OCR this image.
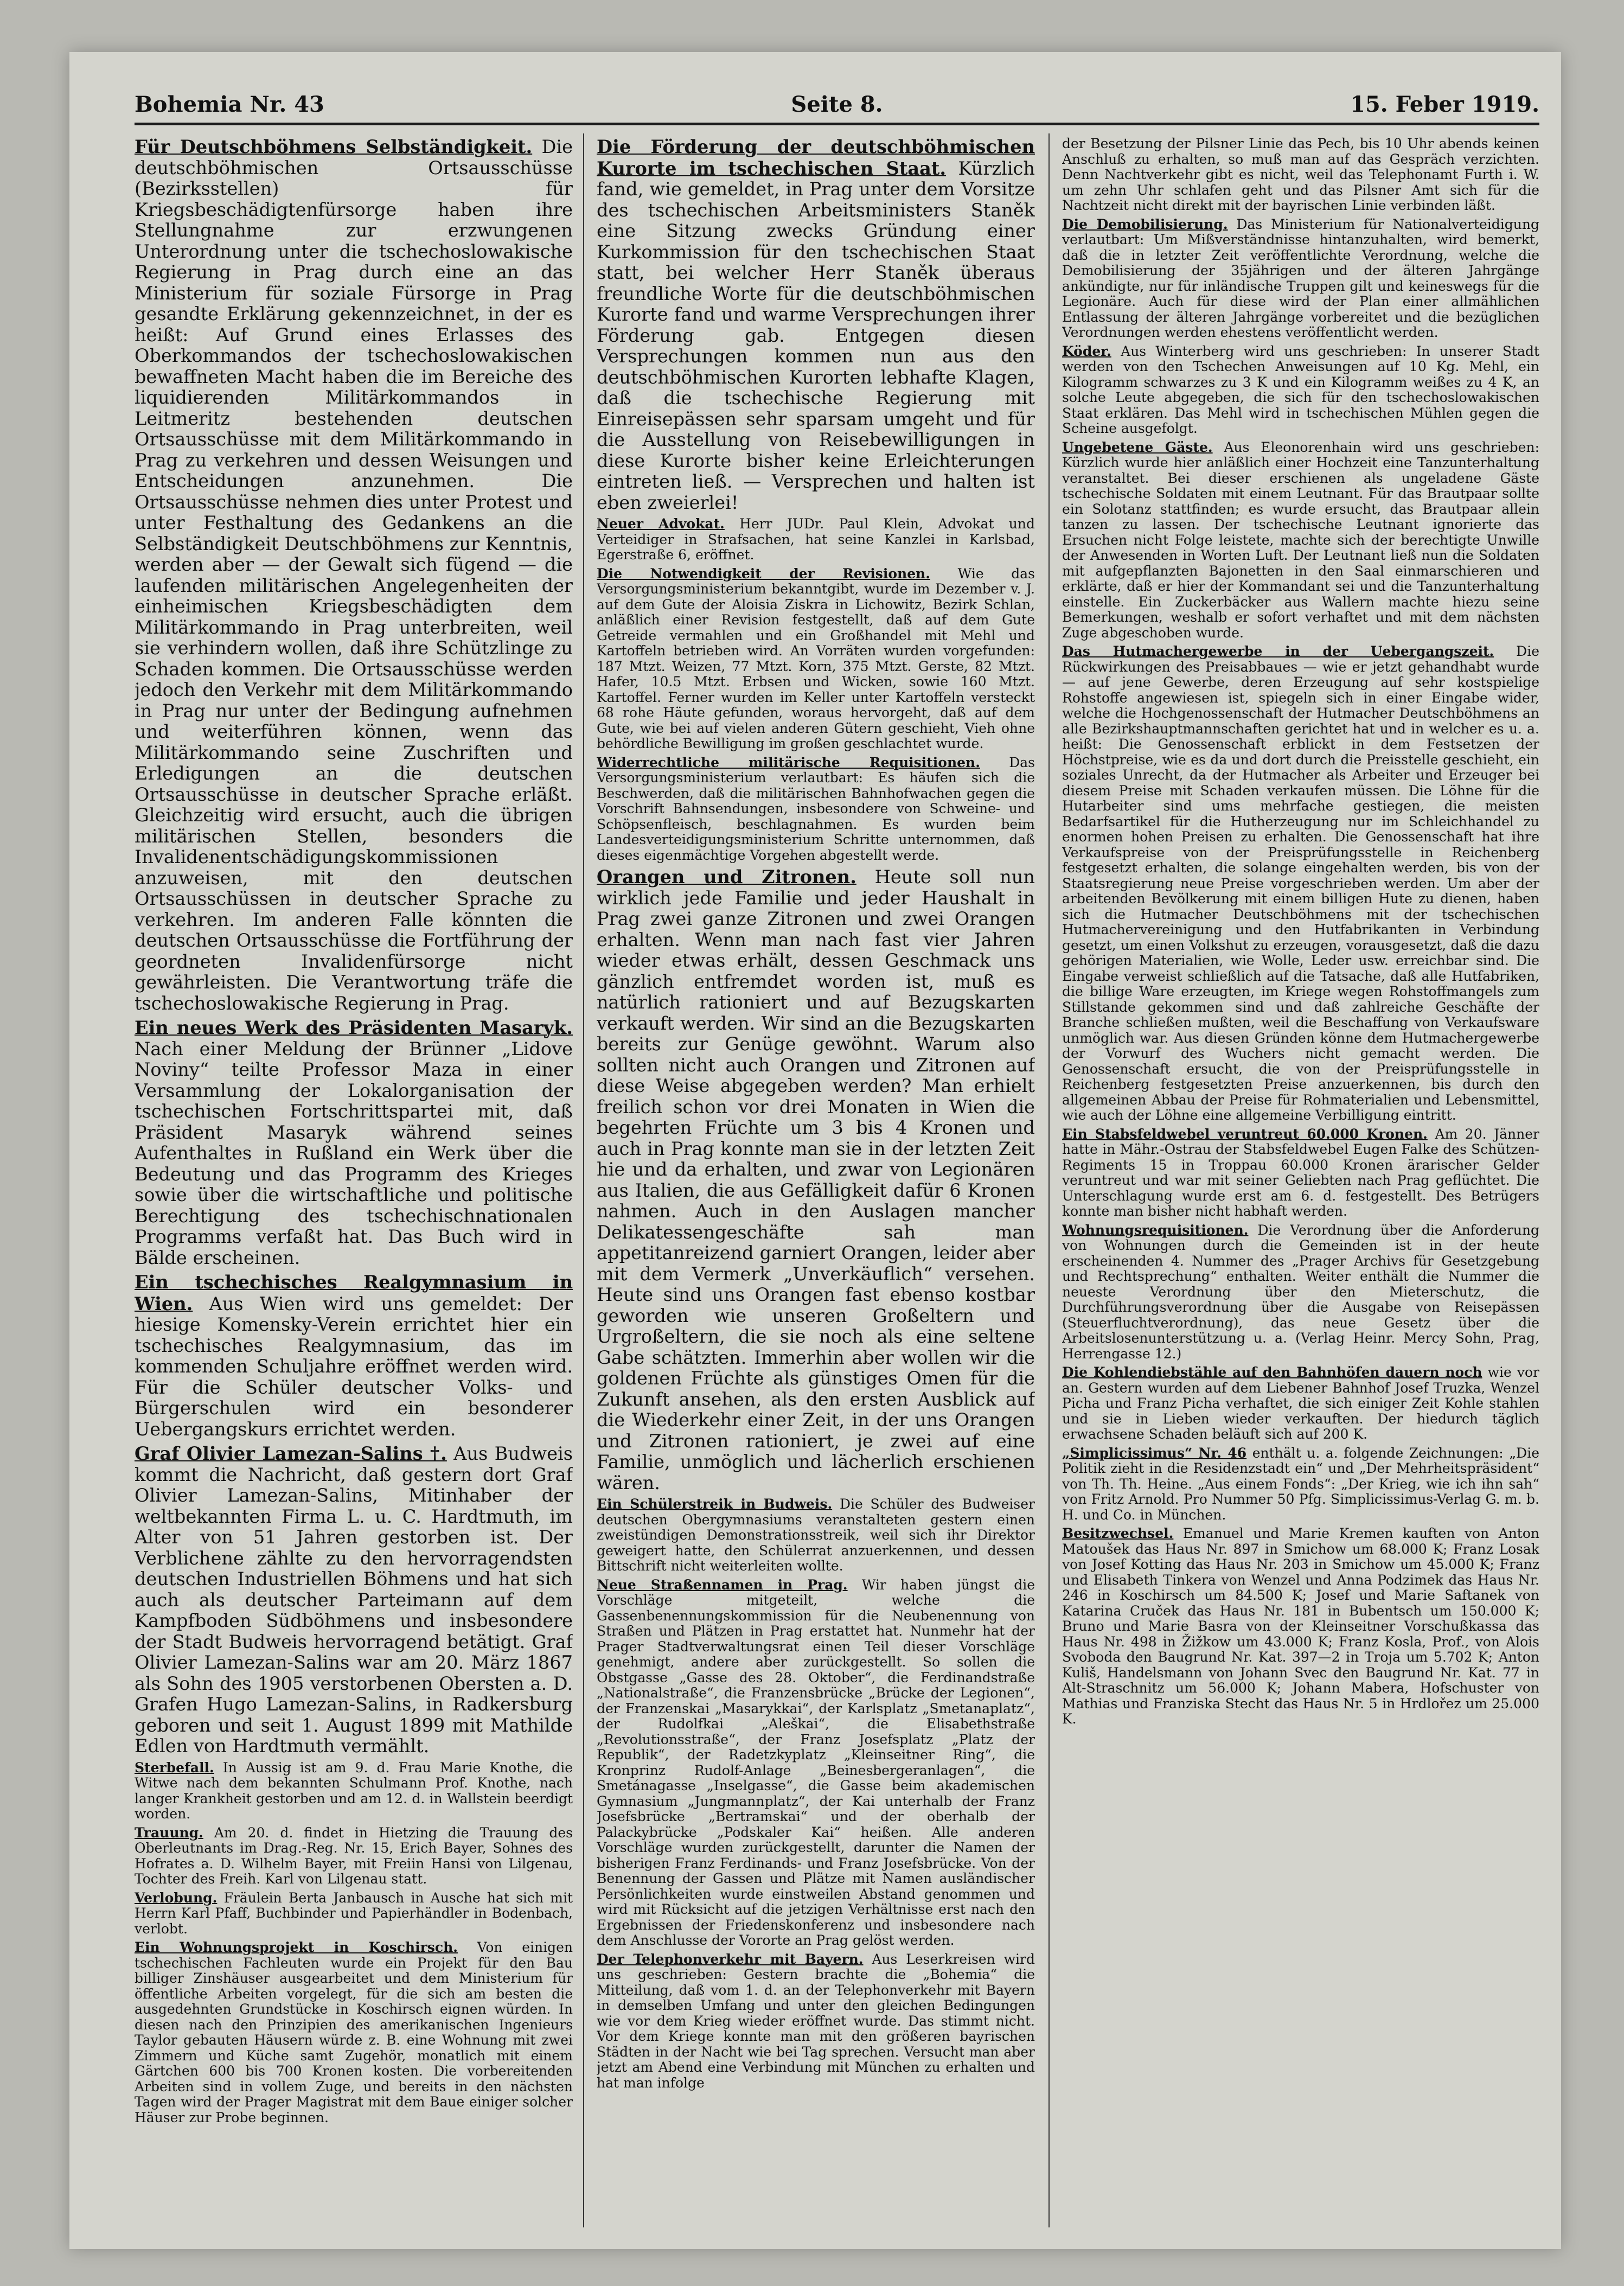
Bohemia Nr. 43	Seite 8.	15. Feber 1919.

Für Deutschböhmens Selbständigkeit. Die deutschböhmischen Ortsausschüsse (Bezirksstellen) für Kriegsbeschädigtenfürsorge haben ihre Stellungnahme zur erzwungenen Unterordnung unter die tschechoslowakische Regierung in Prag durch eine an das Ministerium für soziale Fürsorge in Prag gesandte Erklärung gekennzeichnet, in der es heißt: Auf Grund eines Erlasses des Oberkommandos der tschechoslowakischen bewaffneten Macht haben die im Bereiche des liquidierenden Militärkommandos in Leitmeritz bestehenden deutschen Ortsausschüsse mit dem Militärkommando in Prag zu verkehren und dessen Weisungen und Entscheidungen anzunehmen. Die Ortsausschüsse nehmen dies unter Protest und unter Festhaltung des Gedankens an die Selbständigkeit Deutschböhmens zur Kenntnis, werden aber — der Gewalt sich fügend — die laufenden militärischen Angelegenheiten der einheimischen Kriegsbeschädigten dem Militärkommando in Prag unterbreiten, weil sie verhindern wollen, daß ihre Schützlinge zu Schaden kommen. Die Ortsausschüsse werden jedoch den Verkehr mit dem Militärkommando in Prag nur unter der Bedingung aufnehmen und weiterführen können, wenn das Militärkommando seine Zuschriften und Erledigungen an die deutschen Ortsausschüsse in deutscher Sprache erläßt. Gleichzeitig wird ersucht, auch die übrigen militärischen Stellen, besonders die Invalidenentschädigungskommissionen anzuweisen, mit den deutschen Ortsausschüssen in deutscher Sprache zu verkehren. Im anderen Falle könnten die deutschen Ortsausschüsse die Fortführung der geordneten Invalidenfürsorge nicht gewährleisten. Die Verantwortung träfe die tschechoslowakische Regierung in Prag.

Ein neues Werk des Präsidenten Masaryk. Nach einer Meldung der Brünner „Lidove Noviny“ teilte Professor Maza in einer Versammlung der Lokalorganisation der tschechischen Fortschrittspartei mit, daß Präsident Masaryk während seines Aufenthaltes in Rußland ein Werk über die Bedeutung und das Programm des Krieges sowie über die wirtschaftliche und politische Berechtigung des tschechischnationalen Programms verfaßt hat. Das Buch wird in Bälde erscheinen.

Ein tschechisches Realgymnasium in Wien. Aus Wien wird uns gemeldet: Der hiesige Komensky-Verein errichtet hier ein tschechisches Realgymnasium, das im kommenden Schuljahre eröffnet werden wird. Für die Schüler deutscher Volks- und Bürgerschulen wird ein besonderer Uebergangskurs errichtet werden.

Graf Olivier Lamezan-Salins †. Aus Budweis kommt die Nachricht, daß gestern dort Graf Olivier Lamezan-Salins, Mitinhaber der weltbekannten Firma L. u. C. Hardtmuth, im Alter von 51 Jahren gestorben ist. Der Verblichene zählte zu den hervorragendsten deutschen Industriellen Böhmens und hat sich auch als deutscher Parteimann auf dem Kampfboden Südböhmens und insbesondere der Stadt Budweis hervorragend betätigt. Graf Olivier Lamezan-Salins war am 20. März 1867 als Sohn des 1905 verstorbenen Obersten a. D. Grafen Hugo Lamezan-Salins, in Radkersburg geboren und seit 1. August 1899 mit Mathilde Edlen von Hardtmuth vermählt.

Sterbefall. In Aussig ist am 9. d. Frau Marie Knothe, die Witwe nach dem bekannten Schulmann Prof. Knothe, nach langer Krankheit gestorben und am 12. d. in Wallstein beerdigt worden.

Trauung. Am 20. d. findet in Hietzing die Trauung des Oberleutnants im Drag.-Reg. Nr. 15, Erich Bayer, Sohnes des Hofrates a. D. Wilhelm Bayer, mit Freiin Hansi von Lilgenau, Tochter des Freih. Karl von Lilgenau statt.

Verlobung. Fräulein Berta Janbausch in Ausche hat sich mit Herrn Karl Pfaff, Buchbinder und Papierhändler in Bodenbach, verlobt.

Ein Wohnungsprojekt in Koschirsch. Von einigen tschechischen Fachleuten wurde ein Projekt für den Bau billiger Zinshäuser ausgearbeitet und dem Ministerium für öffentliche Arbeiten vorgelegt, für die sich am besten die ausgedehnten Grundstücke in Koschirsch eignen würden. In diesen nach den Prinzipien des amerikanischen Ingenieurs Taylor gebauten Häusern würde z. B. eine Wohnung mit zwei Zimmern und Küche samt Zugehör, monatlich mit einem Gärtchen 600 bis 700 Kronen kosten. Die vorbereitenden Arbeiten sind in vollem Zuge, und bereits in den nächsten Tagen wird der Prager Magistrat mit dem Baue einiger solcher Häuser zur Probe beginnen.

Die Förderung der deutschböhmischen Kurorte im tschechischen Staat. Kürzlich fand, wie gemeldet, in Prag unter dem Vorsitze des tschechischen Arbeitsministers Staněk eine Sitzung zwecks Gründung einer Kurkommission für den tschechischen Staat statt, bei welcher Herr Staněk überaus freundliche Worte für die deutschböhmischen Kurorte fand und warme Versprechungen ihrer Förderung gab. Entgegen diesen Versprechungen kommen nun aus den deutschböhmischen Kurorten lebhafte Klagen, daß die tschechische Regierung mit Einreisepässen sehr sparsam umgeht und für die Ausstellung von Reisebewilligungen in diese Kurorte bisher keine Erleichterungen eintreten ließ. — Versprechen und halten ist eben zweierlei!

Neuer Advokat. Herr JUDr. Paul Klein, Advokat und Verteidiger in Strafsachen, hat seine Kanzlei in Karlsbad, Egerstraße 6, eröffnet.

Die Notwendigkeit der Revisionen. Wie das Versorgungsministerium bekanntgibt, wurde im Dezember v. J. auf dem Gute der Aloisia Ziskra in Lichowitz, Bezirk Schlan, anläßlich einer Revision festgestellt, daß auf dem Gute Getreide vermahlen und ein Großhandel mit Mehl und Kartoffeln betrieben wird. An Vorräten wurden vorgefunden: 187 Mtzt. Weizen, 77 Mtzt. Korn, 375 Mtzt. Gerste, 82 Mtzt. Hafer, 10.5 Mtzt. Erbsen und Wicken, sowie 160 Mtzt. Kartoffel. Ferner wurden im Keller unter Kartoffeln versteckt 68 rohe Häute gefunden, woraus hervorgeht, daß auf dem Gute, wie bei auf vielen anderen Gütern geschieht, Vieh ohne behördliche Bewilligung im großen geschlachtet wurde.

Widerrechtliche militärische Requisitionen. Das Versorgungsministerium verlautbart: Es häufen sich die Beschwerden, daß die militärischen Bahnhofwachen gegen die Vorschrift Bahnsendungen, insbesondere von Schweine- und Schöpsenfleisch, beschlagnahmen. Es wurden beim Landesverteidigungsministerium Schritte unternommen, daß dieses eigenmächtige Vorgehen abgestellt werde.

Orangen und Zitronen. Heute soll nun wirklich jede Familie und jeder Haushalt in Prag zwei ganze Zitronen und zwei Orangen erhalten. Wenn man nach fast vier Jahren wieder etwas erhält, dessen Geschmack uns gänzlich entfremdet worden ist, muß es natürlich rationiert und auf Bezugskarten verkauft werden. Wir sind an die Bezugskarten bereits zur Genüge gewöhnt. Warum also sollten nicht auch Orangen und Zitronen auf diese Weise abgegeben werden? Man erhielt freilich schon vor drei Monaten in Wien die begehrten Früchte um 3 bis 4 Kronen und auch in Prag konnte man sie in der letzten Zeit hie und da erhalten, und zwar von Legionären aus Italien, die aus Gefälligkeit dafür 6 Kronen nahmen. Auch in den Auslagen mancher Delikatessengeschäfte sah man appetitanreizend garniert Orangen, leider aber mit dem Vermerk „Unverkäuflich“ versehen. Heute sind uns Orangen fast ebenso kostbar geworden wie unseren Großeltern und Urgroßeltern, die sie noch als eine seltene Gabe schätzten. Immerhin aber wollen wir die goldenen Früchte als günstiges Omen für die Zukunft ansehen, als den ersten Ausblick auf die Wiederkehr einer Zeit, in der uns Orangen und Zitronen rationiert, je zwei auf eine Familie, unmöglich und lächerlich erschienen wären.

Ein Schülerstreik in Budweis. Die Schüler des Budweiser deutschen Obergymnasiums veranstalteten gestern einen zweistündigen Demonstrationsstreik, weil sich ihr Direktor geweigert hatte, den Schülerrat anzuerkennen, und dessen Bittschrift nicht weiterleiten wollte.

Neue Straßennamen in Prag. Wir haben jüngst die Vorschläge mitgeteilt, welche die Gassenbenennungskommission für die Neubenennung von Straßen und Plätzen in Prag erstattet hat. Nunmehr hat der Prager Stadtverwaltungsrat einen Teil dieser Vorschläge genehmigt, andere aber zurückgestellt. So sollen die Obstgasse „Gasse des 28. Oktober“, die Ferdinandstraße „Nationalstraße“, die Franzensbrücke „Brücke der Legionen“, der Franzenskai „Masarykkai“, der Karlsplatz „Smetanaplatz“, der Rudolfkai „Aleškai“, die Elisabethstraße „Revolutionsstraße“, der Franz Josefsplatz „Platz der Republik“, der Radetzkyplatz „Kleinseitner Ring“, die Kronprinz Rudolf-Anlage „Beinesbergeranlagen“, die Smetánagasse „Inselgasse“, die Gasse beim akademischen Gymnasium „Jungmannplatz“, der Kai unterhalb der Franz Josefsbrücke „Bertramskai“ und der oberhalb der Palackybrücke „Podskaler Kai“ heißen. Alle anderen Vorschläge wurden zurückgestellt, darunter die Namen der bisherigen Franz Ferdinands- und Franz Josefsbrücke. Von der Benennung der Gassen und Plätze mit Namen ausländischer Persönlichkeiten wurde einstweilen Abstand genommen und wird mit Rücksicht auf die jetzigen Verhältnisse erst nach den Ergebnissen der Friedenskonferenz und insbesondere nach dem Anschlusse der Vororte an Prag gelöst werden.

Der Telephonverkehr mit Bayern. Aus Leserkreisen wird uns geschrieben: Gestern brachte die „Bohemia“ die Mitteilung, daß vom 1. d. an der Telephonverkehr mit Bayern in demselben Umfang und unter den gleichen Bedingungen wie vor dem Krieg wieder eröffnet wurde. Das stimmt nicht. Vor dem Kriege konnte man mit den größeren bayrischen Städten in der Nacht wie bei Tag sprechen. Versucht man aber jetzt am Abend eine Verbindung mit München zu erhalten und hat man infolge

der Besetzung der Pilsner Linie das Pech, bis 10 Uhr abends keinen Anschluß zu erhalten, so muß man auf das Gespräch verzichten. Denn Nachtverkehr gibt es nicht, weil das Telephonamt Furth i. W. um zehn Uhr schlafen geht und das Pilsner Amt sich für die Nachtzeit nicht direkt mit der bayrischen Linie verbinden läßt.

Die Demobilisierung. Das Ministerium für Nationalverteidigung verlautbart: Um Mißverständnisse hintanzuhalten, wird bemerkt, daß die in letzter Zeit veröffentlichte Verordnung, welche die Demobilisierung der 35jährigen und der älteren Jahrgänge ankündigte, nur für inländische Truppen gilt und keineswegs für die Legionäre. Auch für diese wird der Plan einer allmählichen Entlassung der älteren Jahrgänge vorbereitet und die bezüglichen Verordnungen werden ehestens veröffentlicht werden.

Köder. Aus Winterberg wird uns geschrieben: In unserer Stadt werden von den Tschechen Anweisungen auf 10 Kg. Mehl, ein Kilogramm schwarzes zu 3 K und ein Kilogramm weißes zu 4 K, an solche Leute abgegeben, die sich für den tschechoslowakischen Staat erklären. Das Mehl wird in tschechischen Mühlen gegen die Scheine ausgefolgt.

Ungebetene Gäste. Aus Eleonorenhain wird uns geschrieben: Kürzlich wurde hier anläßlich einer Hochzeit eine Tanzunterhaltung veranstaltet. Bei dieser erschienen als ungeladene Gäste tschechische Soldaten mit einem Leutnant. Für das Brautpaar sollte ein Solotanz stattfinden; es wurde ersucht, das Brautpaar allein tanzen zu lassen. Der tschechische Leutnant ignorierte das Ersuchen nicht Folge leistete, machte sich der berechtigte Unwille der Anwesenden in Worten Luft. Der Leutnant ließ nun die Soldaten mit aufgepflanzten Bajonetten in den Saal einmarschieren und erklärte, daß er hier der Kommandant sei und die Tanzunterhaltung einstelle. Ein Zuckerbäcker aus Wallern machte hiezu seine Bemerkungen, weshalb er sofort verhaftet und mit dem nächsten Zuge abgeschoben wurde.

Das Hutmachergewerbe in der Uebergangszeit. Die Rückwirkungen des Preisabbaues — wie er jetzt gehandhabt wurde — auf jene Gewerbe, deren Erzeugung auf sehr kostspielige Rohstoffe angewiesen ist, spiegeln sich in einer Eingabe wider, welche die Hochgenossenschaft der Hutmacher Deutschböhmens an alle Bezirkshauptmannschaften gerichtet hat und in welcher es u. a. heißt: Die Genossenschaft erblickt in dem Festsetzen der Höchstpreise, wie es da und dort durch die Preisstelle geschieht, ein soziales Unrecht, da der Hutmacher als Arbeiter und Erzeuger bei diesem Preise mit Schaden verkaufen müssen. Die Löhne für die Hutarbeiter sind ums mehrfache gestiegen, die meisten Bedarfsartikel für die Hutherzeugung nur im Schleichhandel zu enormen hohen Preisen zu erhalten. Die Genossenschaft hat ihre Verkaufspreise von der Preisprüfungsstelle in Reichenberg festgesetzt erhalten, die solange eingehalten werden, bis von der Staatsregierung neue Preise vorgeschrieben werden. Um aber der arbeitenden Bevölkerung mit einem billigen Hute zu dienen, haben sich die Hutmacher Deutschböhmens mit der tschechischen Hutmachervereinigung und den Hutfabrikanten in Verbindung gesetzt, um einen Volkshut zu erzeugen, vorausgesetzt, daß die dazu gehörigen Materialien, wie Wolle, Leder usw. erreichbar sind. Die Eingabe verweist schließlich auf die Tatsache, daß alle Hutfabriken, die billige Ware erzeugten, im Kriege wegen Rohstoffmangels zum Stillstande gekommen sind und daß zahlreiche Geschäfte der Branche schließen mußten, weil die Beschaffung von Verkaufsware unmöglich war. Aus diesen Gründen könne dem Hutmachergewerbe der Vorwurf des Wuchers nicht gemacht werden. Die Genossenschaft ersucht, die von der Preisprüfungsstelle in Reichenberg festgesetzten Preise anzuerkennen, bis durch den allgemeinen Abbau der Preise für Rohmaterialien und Lebensmittel, wie auch der Löhne eine allgemeine Verbilligung eintritt.

Ein Stabsfeldwebel veruntreut 60.000 Kronen. Am 20. Jänner hatte in Mähr.-Ostrau der Stabsfeldwebel Eugen Falke des Schützen-Regiments 15 in Troppau 60.000 Kronen ärarischer Gelder veruntreut und war mit seiner Geliebten nach Prag geflüchtet. Die Unterschlagung wurde erst am 6. d. festgestellt. Des Betrügers konnte man bisher nicht habhaft werden.

Wohnungsrequisitionen. Die Verordnung über die Anforderung von Wohnungen durch die Gemeinden ist in der heute erscheinenden 4. Nummer des „Prager Archivs für Gesetzgebung und Rechtsprechung“ enthalten. Weiter enthält die Nummer die neueste Verordnung über den Mieterschutz, die Durchführungsverordnung über die Ausgabe von Reisepässen (Steuerfluchtverordnung), das neue Gesetz über die Arbeitslosenunterstützung u. a. (Verlag Heinr. Mercy Sohn, Prag, Herrengasse 12.)

Die Kohlendiebstähle auf den Bahnhöfen dauern noch wie vor an. Gestern wurden auf dem Liebener Bahnhof Josef Truzka, Wenzel Picha und Franz Picha verhaftet, die sich einiger Zeit Kohle stahlen und sie in Lieben wieder verkauften. Der hiedurch täglich erwachsene Schaden beläuft sich auf 200 K.

„Simplicissimus“ Nr. 46 enthält u. a. folgende Zeichnungen: „Die Politik zieht in die Residenzstadt ein“ und „Der Mehrheitspräsident“ von Th. Th. Heine. „Aus einem Fonds“: „Der Krieg, wie ich ihn sah“ von Fritz Arnold. Pro Nummer 50 Pfg. Simplicissimus-Verlag G. m. b. H. und Co. in München.

Besitzwechsel. Emanuel und Marie Kremen kauften von Anton Matoušek das Haus Nr. 897 in Smichow um 68.000 K; Franz Losak von Josef Kotting das Haus Nr. 203 in Smichow um 45.000 K; Franz und Elisabeth Tinkera von Wenzel und Anna Podzimek das Haus Nr. 246 in Koschirsch um 84.500 K; Josef und Marie Saftanek von Katarina Cruček das Haus Nr. 181 in Bubentsch um 150.000 K; Bruno und Marie Basra von der Kleinseitner Vorschußkassa das Haus Nr. 498 in Žižkow um 43.000 K; Franz Kosla, Prof., von Alois Svoboda den Baugrund Nr. Kat. 397—2 in Troja um 5.702 K; Anton Kuliš, Handelsmann von Johann Svec den Baugrund Nr. Kat. 77 in Alt-Straschnitz um 56.000 K; Johann Mabera, Hofschuster von Mathias und Franziska Stecht das Haus Nr. 5 in Hrdlořez um 25.000 K.
